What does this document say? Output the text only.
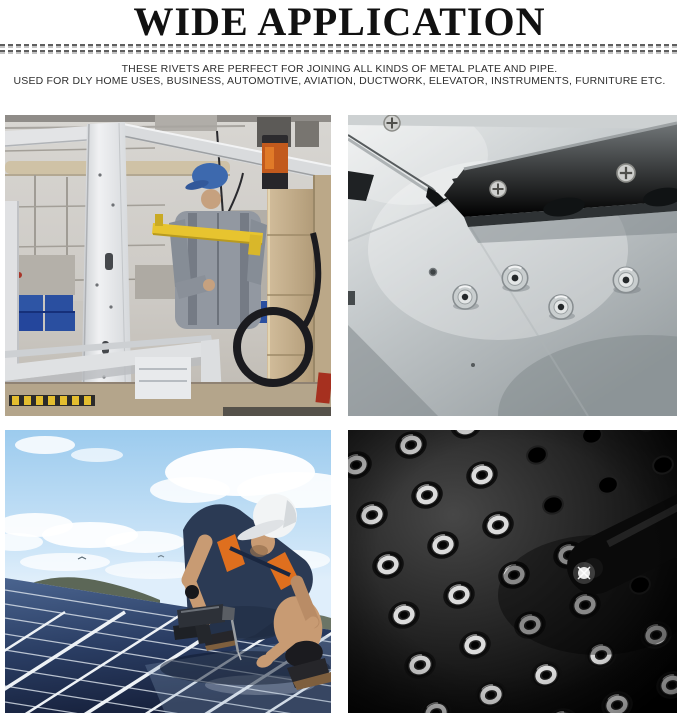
WIDE APPLICATION

THESE RIVETS ARE PERFECT FOR JOINING ALL KINDS OF METAL PLATE AND PIPE.

USED FOR DLY HOME USES, BUSINESS, AUTOMOTIVE, AVIATION, DUCTWORK, ELEVATOR, INSTRUMENTS, FURNITURE ETC.
